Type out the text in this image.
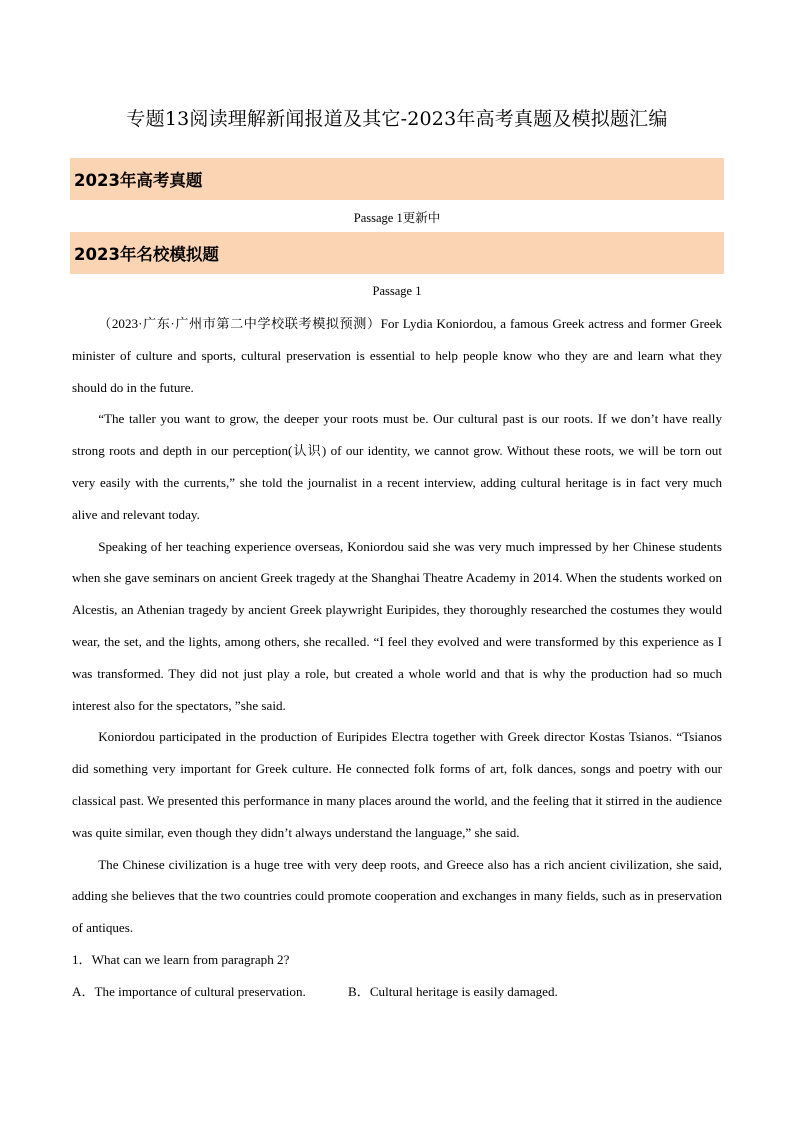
专题13阅读理解新闻报道及其它-2023年高考真题及模拟题汇编
2023年高考真题
Passage 1更新中
2023年名校模拟题
Passage 1

（2023·广东·广州市第二中学校联考模拟预测）For Lydia Koniordou, a famous Greek actress and former Greek minister of culture and sports, cultural preservation is essential to help people know who they are and learn what they should do in the future.

“The taller you want to grow, the deeper your roots must be. Our cultural past is our roots. If we don’t have really strong roots and depth in our perception(认识) of our identity, we cannot grow. Without these roots, we will be torn out very easily with the currents,” she told the journalist in a recent interview, adding cultural heritage is in fact very much alive and relevant today.

Speaking of her teaching experience overseas, Koniordou said she was very much impressed by her Chinese students when she gave seminars on ancient Greek tragedy at the Shanghai Theatre Academy in 2014. When the students worked on Alcestis, an Athenian tragedy by ancient Greek playwright Euripides, they thoroughly researched the costumes they would wear, the set, and the lights, among others, she recalled. “I feel they evolved and were transformed by this experience as I was transformed. They did not just play a role, but created a whole world and that is why the production had so much interest also for the spectators, ”she said.

Koniordou participated in the production of Euripides Electra together with Greek director Kostas Tsianos. “Tsianos did something very important for Greek culture. He connected folk forms of art, folk dances, songs and poetry with our classical past. We presented this performance in many places around the world, and the feeling that it stirred in the audience was quite similar, even though they didn’t always understand the language,” she said.

The Chinese civilization is a huge tree with very deep roots, and Greece also has a rich ancient civilization, she said, adding she believes that the two countries could promote cooperation and exchanges in many fields, such as in preservation of antiques.

1．What can we learn from paragraph 2?

A．The importance of cultural preservation.	B．Cultural heritage is easily damaged.
